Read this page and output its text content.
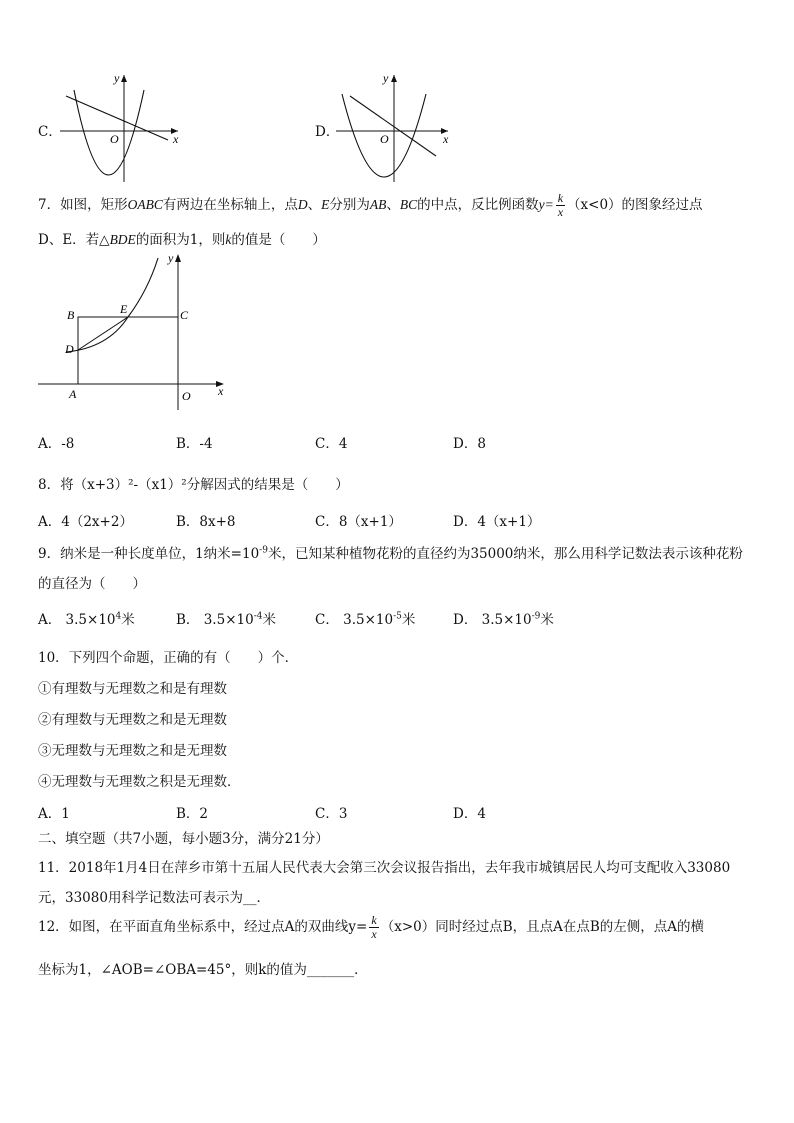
C．
y
x
O	D．
y
x
O
7．如图，矩形OABC有两边在坐标轴上，点D、E分别为AB、BC的中点，反比例函数$y= \frac{k}{x} (x<0)$的图象经过点
D、E．若△BDE的面积为1，则k的值是（　　）
y
x
B	C
E
D
A	O
A．-8	B．-4	C．4	D．8
8．将（x+3）²-（x1）²分解因式的结果是（　　）
A．4（2x+2）	B．8x+8	C．8（x+1）	D．4（x+1）
9．纳米是一种长度单位，1纳米$=10^{-9}$米，已知某种植物花粉的直径约为35000纳米，那么用科学记数法表示该种花粉
的直径为（　　）
A． $3.5\times 10^4$米	B． $3.5\times 10^{-4}$米	C． $3.5\times 10^{-5}$米	D． $3.5\times 10^{-9}$米
10．下列四个命题，正确的有（　　）个．
①有理数与无理数之和是有理数
②有理数与无理数之和是无理数
③无理数与无理数之和是无理数
④无理数与无理数之积是无理数．
A．1	B．2	C．3	D．4
二、填空题（共7小题，每小题3分，满分21分）
11．2018年1月4日在萍乡市第十五届人民代表大会第三次会议报告指出，去年我市城镇居民人均可支配收入33080
元，33080用科学记数法可表示为__．
12．如图，在平面直角坐标系中，经过点A的双曲线$y= \frac{k}{x} (x>0)$同时经过点B，且点A在点B的左侧，点A的横
坐标为1，∠AOB=∠OBA=45°，则k的值为_______．
